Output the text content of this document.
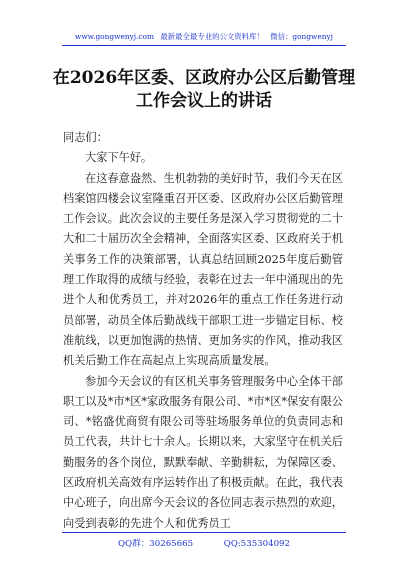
www.gongwenyj.com 最新最全最专业的公文资料库！ 微信：gongwenyj
在2026年区委、区政府办公区后勤管理
工作会议上的讲话

同志们：

大家下午好。

在这春意盎然、生机勃勃的美好时节，我们今天在区档案馆四楼会议室隆重召开区委、区政府办公区后勤管理工作会议。此次会议的主要任务是深入学习贯彻党的二十大和二十届历次全会精神，全面落实区委、区政府关于机关事务工作的决策部署，认真总结回顾2025年度后勤管理工作取得的成绩与经验，表彰在过去一年中涌现出的先进个人和优秀员工，并对2026年的重点工作任务进行动员部署，动员全体后勤战线干部职工进一步锚定目标、校准航线，以更加饱满的热情、更加务实的作风，推动我区机关后勤工作在高起点上实现高质量发展。

参加今天会议的有区机关事务管理服务中心全体干部职工以及*市*区*家政服务有限公司、*市*区*保安有限公司、*铭盛优商贸有限公司等驻场服务单位的负责同志和员工代表，共计七十余人。长期以来，大家坚守在机关后勤服务的各个岗位，默默奉献、辛勤耕耘，为保障区委、区政府机关高效有序运转作出了积极贡献。在此，我代表中心班子，向出席今天会议的各位同志表示热烈的欢迎，向受到表彰的先进个人和优秀员工

QQ群：30265665	QQ:535304092
